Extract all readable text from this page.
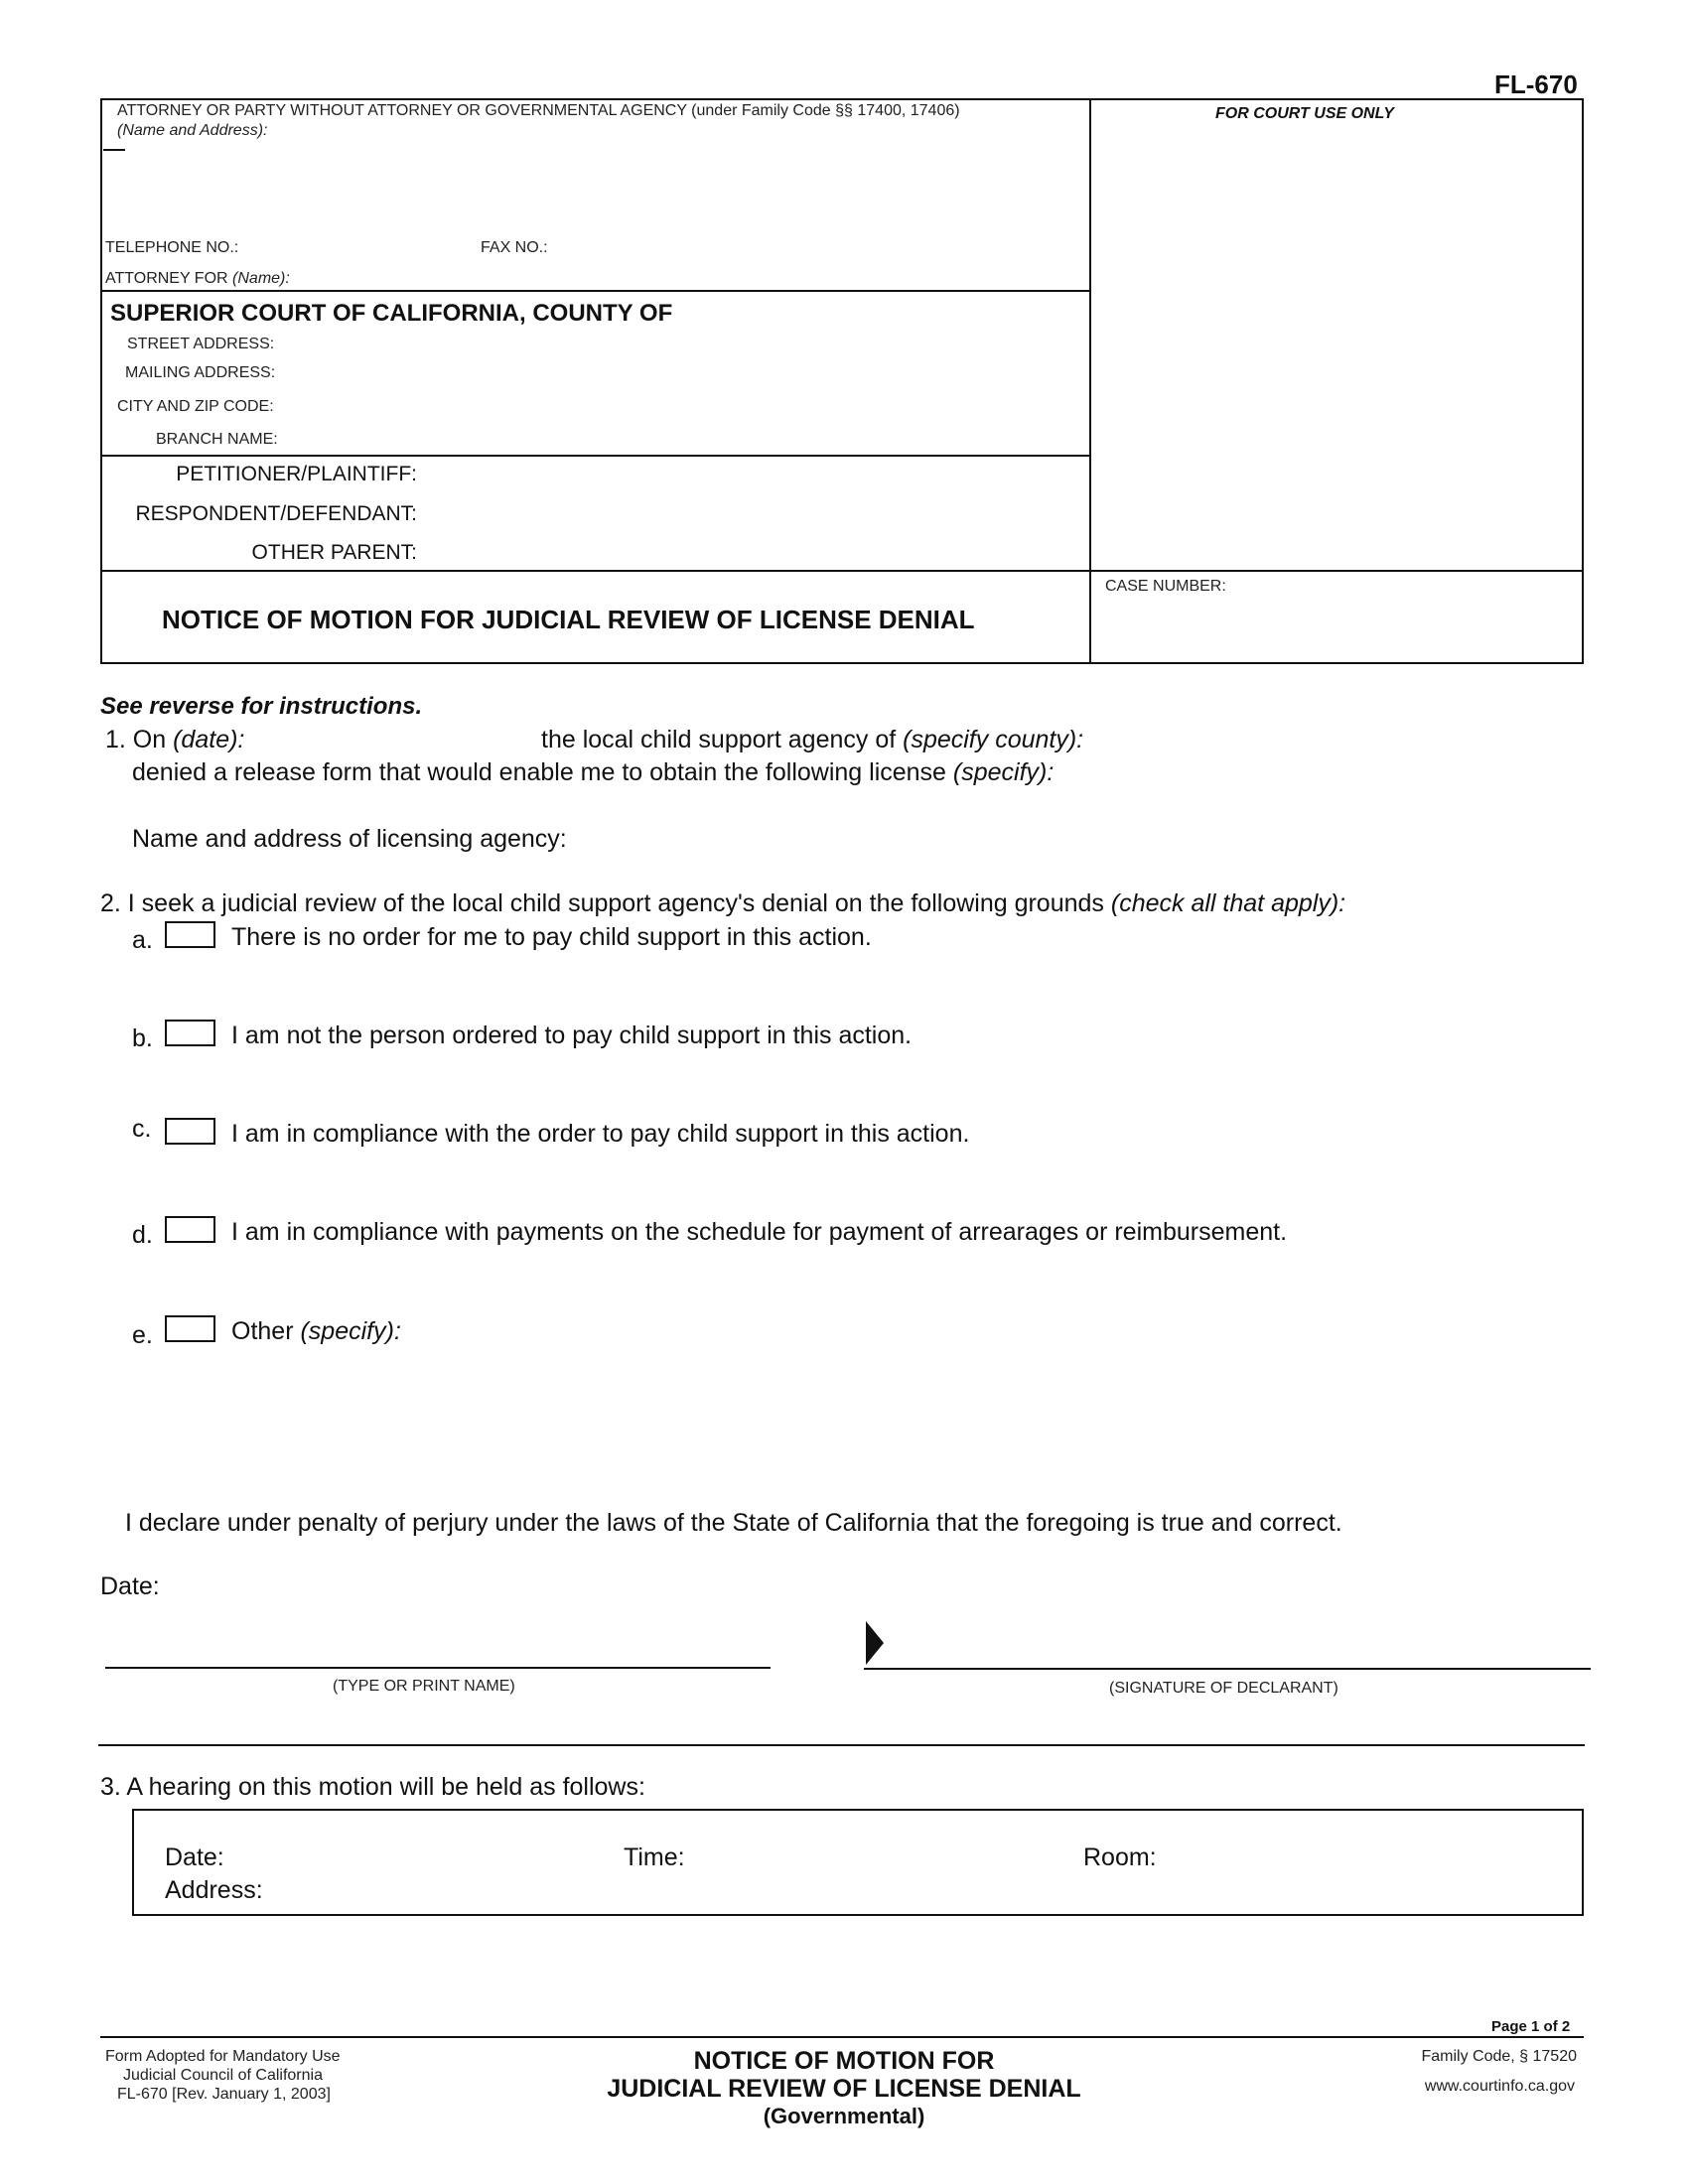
FL-670
ATTORNEY OR PARTY WITHOUT ATTORNEY OR GOVERNMENTAL AGENCY (under Family Code §§ 17400, 17406)
(Name and Address):
TELEPHONE NO.:	FAX NO.:
ATTORNEY FOR (Name):
SUPERIOR COURT OF CALIFORNIA, COUNTY OF
STREET ADDRESS:
MAILING ADDRESS:
CITY AND ZIP CODE:
BRANCH NAME:
PETITIONER/PLAINTIFF:
RESPONDENT/DEFENDANT:
OTHER PARENT:
FOR COURT USE ONLY
CASE NUMBER:
NOTICE OF MOTION FOR JUDICIAL REVIEW OF LICENSE DENIAL
See reverse for instructions.
1. On (date):	the local child support agency of (specify county):
denied a release form that would enable me to obtain the following license (specify):
Name and address of licensing agency:
2. I seek a judicial review of the local child support agency's denial on the following grounds (check all that apply):
a.	There is no order for me to pay child support in this action.
b.	I am not the person ordered to pay child support in this action.
c.	I am in compliance with the order to pay child support in this action.
d.	I am in compliance with payments on the schedule for payment of arrearages or reimbursement.
e.	Other (specify):
I declare under penalty of perjury under the laws of the State of California that the foregoing is true and correct.
Date:
(TYPE OR PRINT NAME)	(SIGNATURE OF DECLARANT)
3. A hearing on this motion will be held as follows:
Date:	Time:	Room:
Address:
Page 1 of 2
Form Adopted for Mandatory Use
Judicial Council of California
FL-670 [Rev. January 1, 2003]
NOTICE OF MOTION FOR
JUDICIAL REVIEW OF LICENSE DENIAL
(Governmental)
Family Code, § 17520
www.courtinfo.ca.gov
